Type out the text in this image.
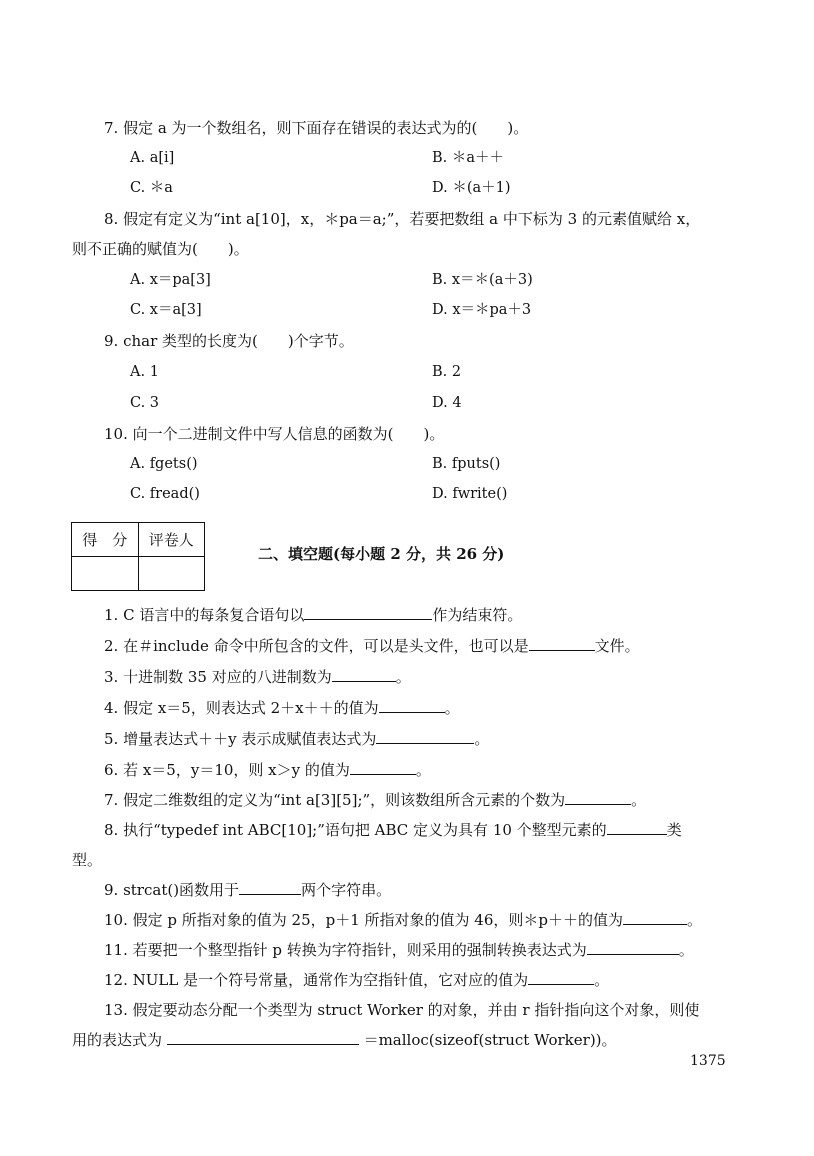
7. 假定 a 为一个数组名，则下面存在错误的表达式为的(　　)。
A. a[i]	B. ＊a＋＋
C. ＊a	D. ＊(a＋1)
8. 假定有定义为“int a[10]，x，＊pa＝a;”，若要把数组 a 中下标为 3 的元素值赋给 x，
则不正确的赋值为(　　)。
A. x＝pa[3]	B. x＝＊(a＋3)
C. x＝a[3]	D. x＝＊pa＋3
9. char 类型的长度为(　　)个字节。
A. 1	B. 2
C. 3	D. 4
10. 向一个二进制文件中写人信息的函数为(　　)。
A. fgets()	B. fputs()
C. fread()	D. fwrite()
得　分	评卷人

二、填空题(每小题 2 分，共 26 分)
1. C 语言中的每条复合语句以	作为结束符。
2. 在＃include 命令中所包含的文件，可以是头文件，也可以是	文件。
3. 十进制数 35 对应的八进制数为	。
4. 假定 x＝5，则表达式 2＋x＋＋的值为	。
5. 增量表达式＋＋y 表示成赋值表达式为	。
6. 若 x＝5，y＝10，则 x＞y 的值为	。
7. 假定二维数组的定义为“int a[3][5];”，则该数组所含元素的个数为	。
8. 执行“typedef int ABC[10];”语句把 ABC 定义为具有 10 个整型元素的	类
型。
9. strcat()函数用于	两个字符串。
10. 假定 p 所指对象的值为 25，p＋1 所指对象的值为 46，则＊p＋＋的值为	。
11. 若要把一个整型指针 p 转换为字符指针，则采用的强制转换表达式为	。
12. NULL 是一个符号常量，通常作为空指针值，它对应的值为	。
13. 假定要动态分配一个类型为 struct Worker 的对象，并由 r 指针指向这个对象，则使
用的表达式为	＝malloc(sizeof(struct Worker))。
1375
